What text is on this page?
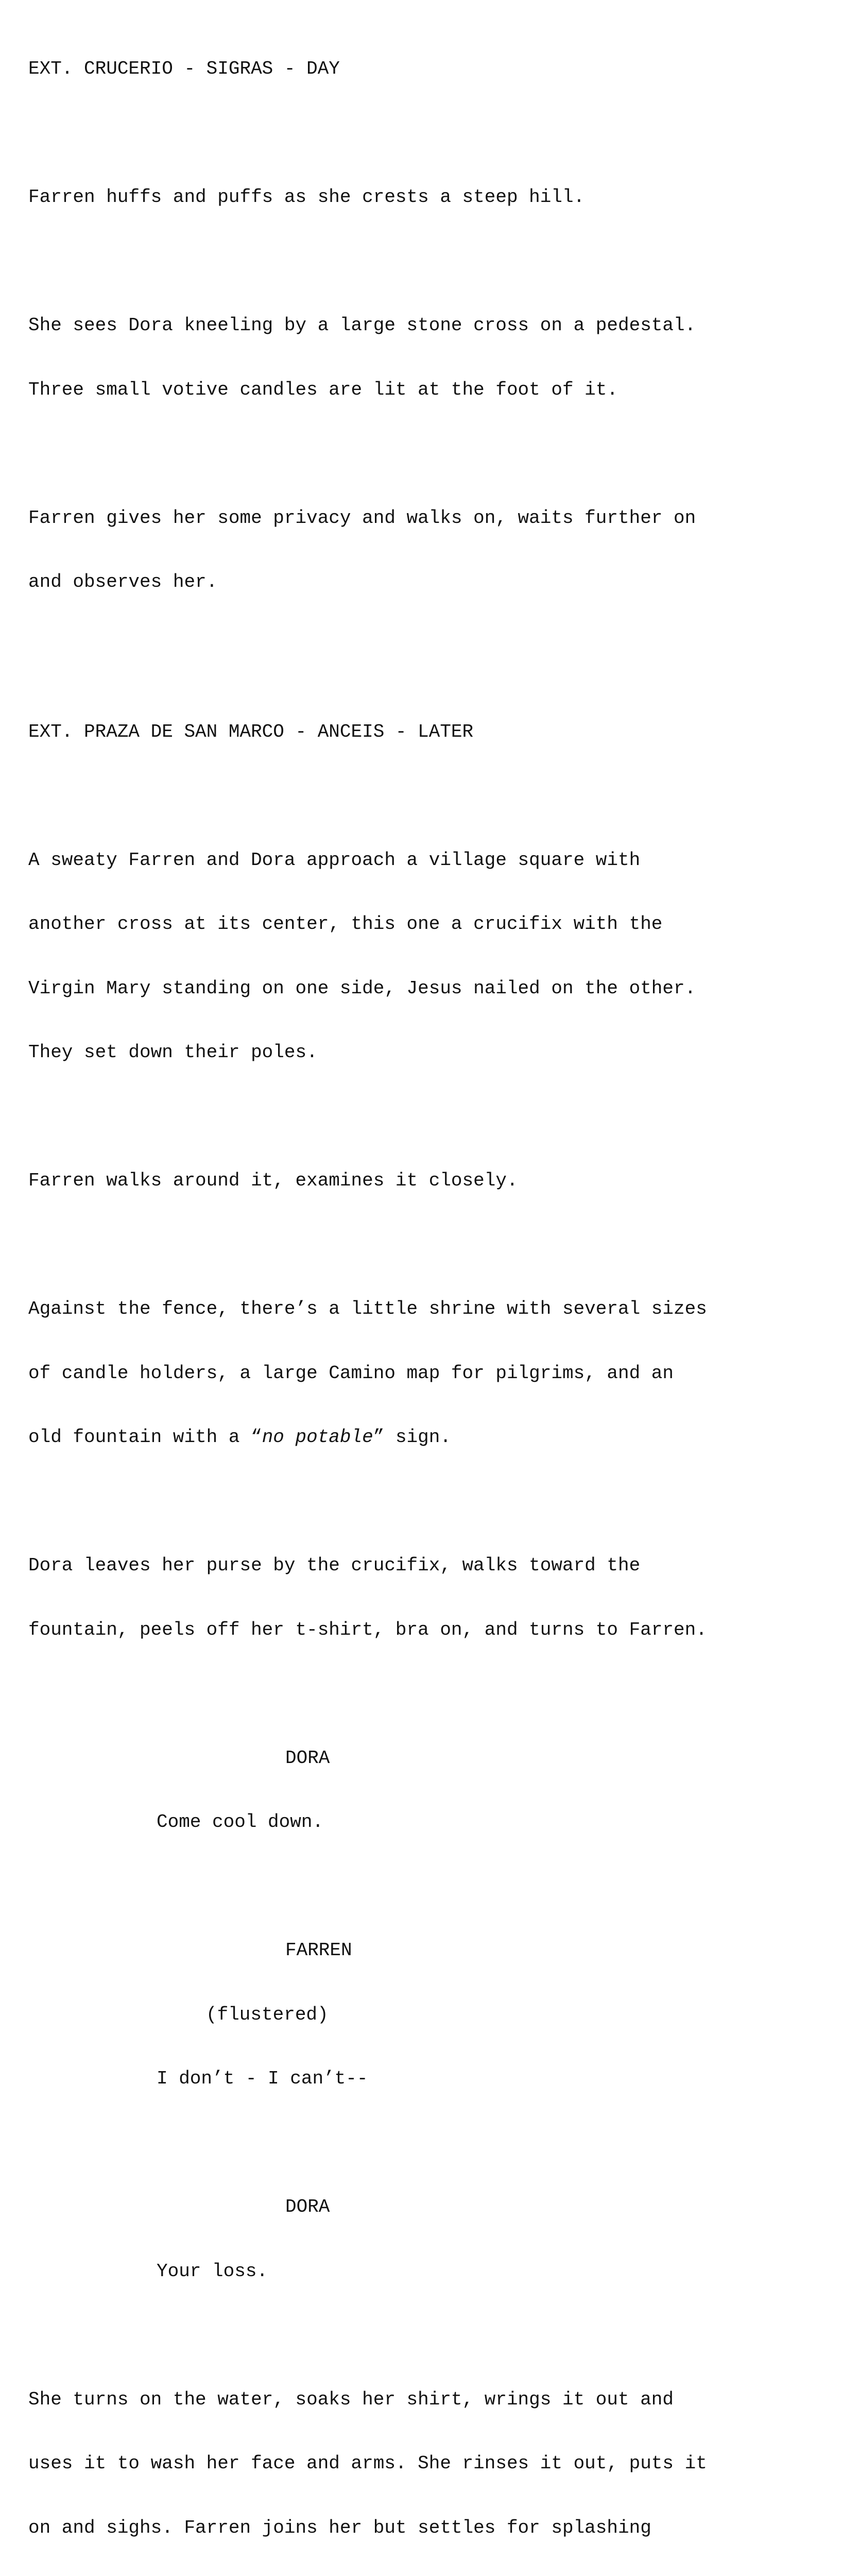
EXT. CRUCERIO - SIGRAS - DAY

Farren huffs and puffs as she crests a steep hill.

She sees Dora kneeling by a large stone cross on a pedestal.

Three small votive candles are lit at the foot of it.

Farren gives her some privacy and walks on, waits further on

and observes her.

EXT. PRAZA DE SAN MARCO - ANCEIS - LATER

A sweaty Farren and Dora approach a village square with

another cross at its center, this one a crucifix with the

Virgin Mary standing on one side, Jesus nailed on the other.

They set down their poles.

Farren walks around it, examines it closely.

Against the fence, there’s a little shrine with several sizes

of candle holders, a large Camino map for pilgrims, and an

old fountain with a “no potable” sign.

Dora leaves her purse by the crucifix, walks toward the

fountain, peels off her t-shirt, bra on, and turns to Farren.

DORA

Come cool down.

FARREN

(flustered)

I don’t - I can’t--

DORA

Your loss.

She turns on the water, soaks her shirt, wrings it out and

uses it to wash her face and arms. She rinses it out, puts it

on and sighs. Farren joins her but settles for splashing
